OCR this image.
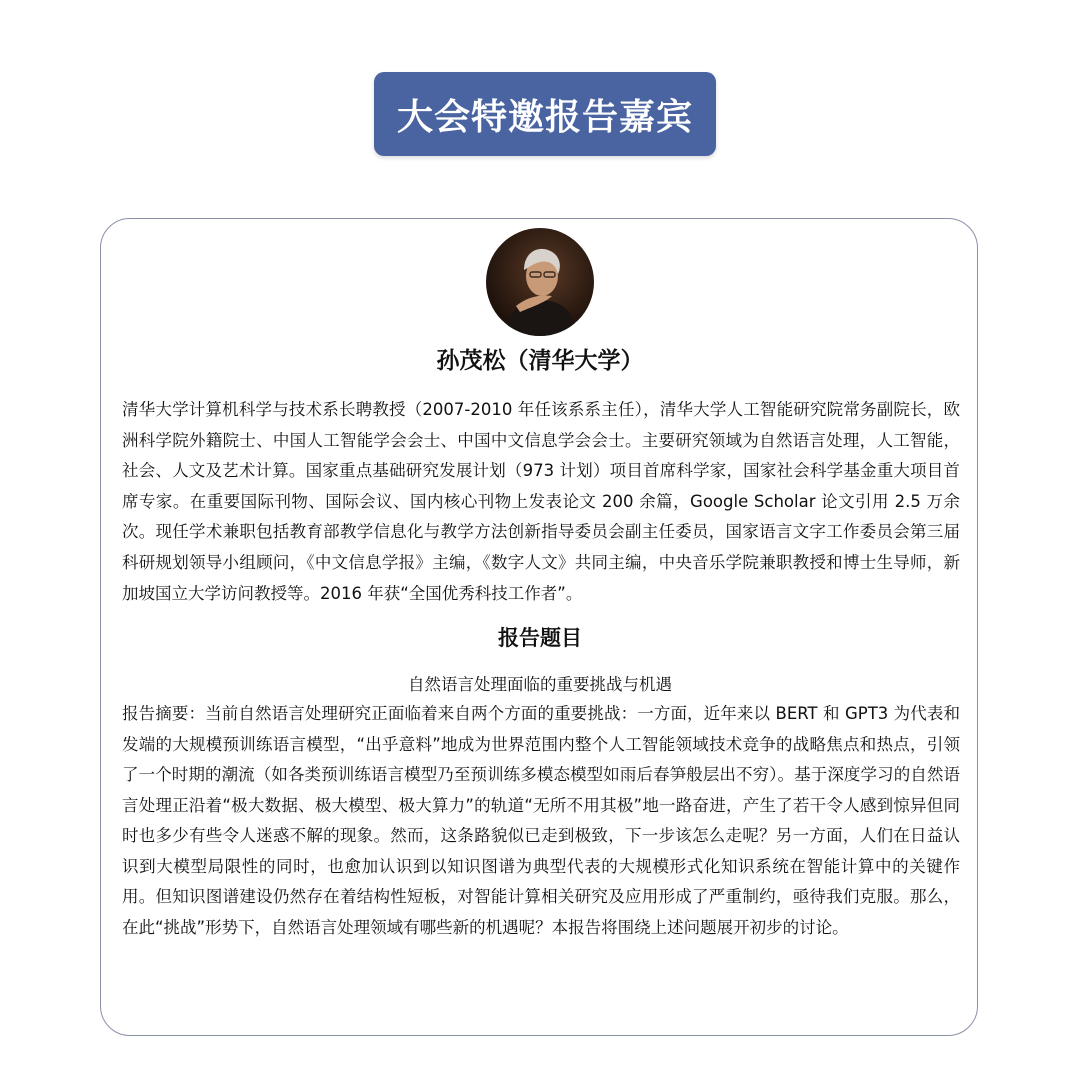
大会特邀报告嘉宾
孙茂松（清华大学）

清华大学计算机科学与技术系长聘教授（2007-2010 年任该系系主任），清华大学人工智能研究院常务副院长，欧洲科学院外籍院士、中国人工智能学会会士、中国中文信息学会会士。主要研究领域为自然语言处理，人工智能，社会、人文及艺术计算。国家重点基础研究发展计划（973 计划）项目首席科学家，国家社会科学基金重大项目首席专家。在重要国际刊物、国际会议、国内核心刊物上发表论文 200 余篇，Google Scholar 论文引用 2.5 万余次。现任学术兼职包括教育部教学信息化与教学方法创新指导委员会副主任委员，国家语言文字工作委员会第三届科研规划领导小组顾问，《中文信息学报》主编，《数字人文》共同主编，中央音乐学院兼职教授和博士生导师，新加坡国立大学访问教授等。2016 年获“全国优秀科技工作者”。

报告题目
自然语言处理面临的重要挑战与机遇

报告摘要：当前自然语言处理研究正面临着来自两个方面的重要挑战：一方面，近年来以 BERT 和 GPT3 为代表和发端的大规模预训练语言模型，“出乎意料”地成为世界范围内整个人工智能领域技术竞争的战略焦点和热点，引领了一个时期的潮流（如各类预训练语言模型乃至预训练多模态模型如雨后春笋般层出不穷）。基于深度学习的自然语言处理正沿着“极大数据、极大模型、极大算力”的轨道“无所不用其极”地一路奋进，产生了若干令人感到惊异但同时也多少有些令人迷惑不解的现象。然而，这条路貌似已走到极致，下一步该怎么走呢？另一方面，人们在日益认识到大模型局限性的同时，也愈加认识到以知识图谱为典型代表的大规模形式化知识系统在智能计算中的关键作用。但知识图谱建设仍然存在着结构性短板，对智能计算相关研究及应用形成了严重制约，亟待我们克服。那么，在此“挑战”形势下，自然语言处理领域有哪些新的机遇呢？本报告将围绕上述问题展开初步的讨论。
